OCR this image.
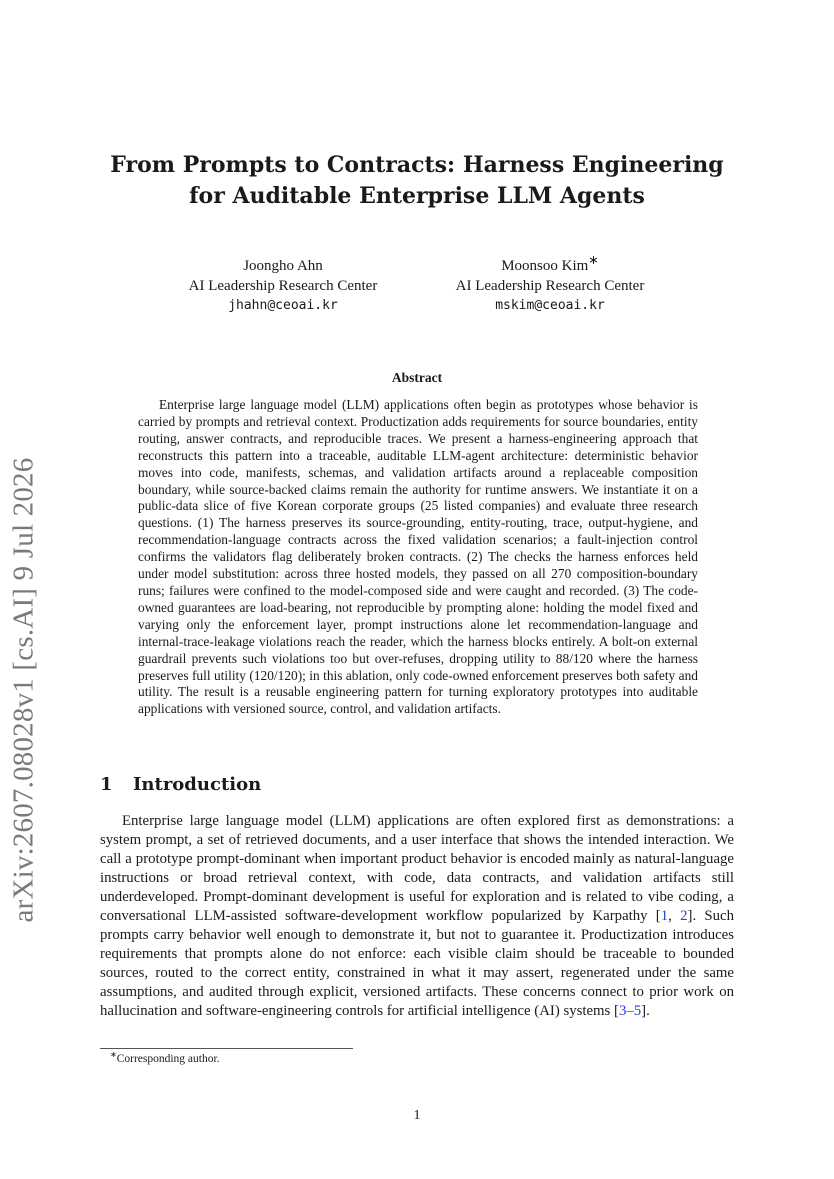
arXiv:2607.08028v1 [cs.AI] 9 Jul 2026
From Prompts to Contracts: Harness Engineering
for Auditable Enterprise LLM Agents
Joongho Ahn
AI Leadership Research Center
jhahn@ceoai.kr
Moonsoo Kim∗
AI Leadership Research Center
mskim@ceoai.kr
Abstract

Enterprise large language model (LLM) applications often begin as prototypes whose behavior is carried by prompts and retrieval context. Productization adds requirements for source boundaries, entity routing, answer contracts, and reproducible traces. We present a harness-engineering approach that reconstructs this pattern into a traceable, auditable LLM-agent architecture: deterministic behavior moves into code, manifests, schemas, and validation artifacts around a replaceable composition boundary, while source-backed claims remain the authority for runtime answers. We instantiate it on a public-data slice of five Korean corporate groups (25 listed companies) and evaluate three research questions. (1) The harness preserves its source-grounding, entity-routing, trace, output-hygiene, and recommendation-language contracts across the fixed validation scenarios; a fault-injection control confirms the validators flag deliberately broken contracts. (2) The checks the harness enforces held under model substitution: across three hosted models, they passed on all 270 composition-boundary runs; failures were confined to the model-composed side and were caught and recorded. (3) The code-owned guarantees are load-bearing, not reproducible by prompting alone: holding the model fixed and varying only the enforcement layer, prompt instructions alone let recommendation-language and internal-trace-leakage violations reach the reader, which the harness blocks entirely. A bolt-on external guardrail prevents such violations too but over-refuses, dropping utility to 88/120 where the harness preserves full utility (120/120); in this ablation, only code-owned enforcement preserves both safety and utility. The result is a reusable engineering pattern for turning exploratory prototypes into auditable applications with versioned source, control, and validation artifacts.

1 Introduction

Enterprise large language model (LLM) applications are often explored first as demonstrations: a system prompt, a set of retrieved documents, and a user interface that shows the intended interaction. We call a prototype prompt-dominant when important product behavior is encoded mainly as natural-language instructions or broad retrieval context, with code, data contracts, and validation artifacts still underdeveloped. Prompt-dominant development is useful for exploration and is related to vibe coding, a conversational LLM-assisted software-development workflow popularized by Karpathy [1, 2]. Such prompts carry behavior well enough to demonstrate it, but not to guarantee it. Productization introduces requirements that prompts alone do not enforce: each visible claim should be traceable to bounded sources, routed to the correct entity, constrained in what it may assert, regenerated under the same assumptions, and audited through explicit, versioned artifacts. These concerns connect to prior work on hallucination and software-engineering controls for artificial intelligence (AI) systems [3–5].

∗Corresponding author.
1
